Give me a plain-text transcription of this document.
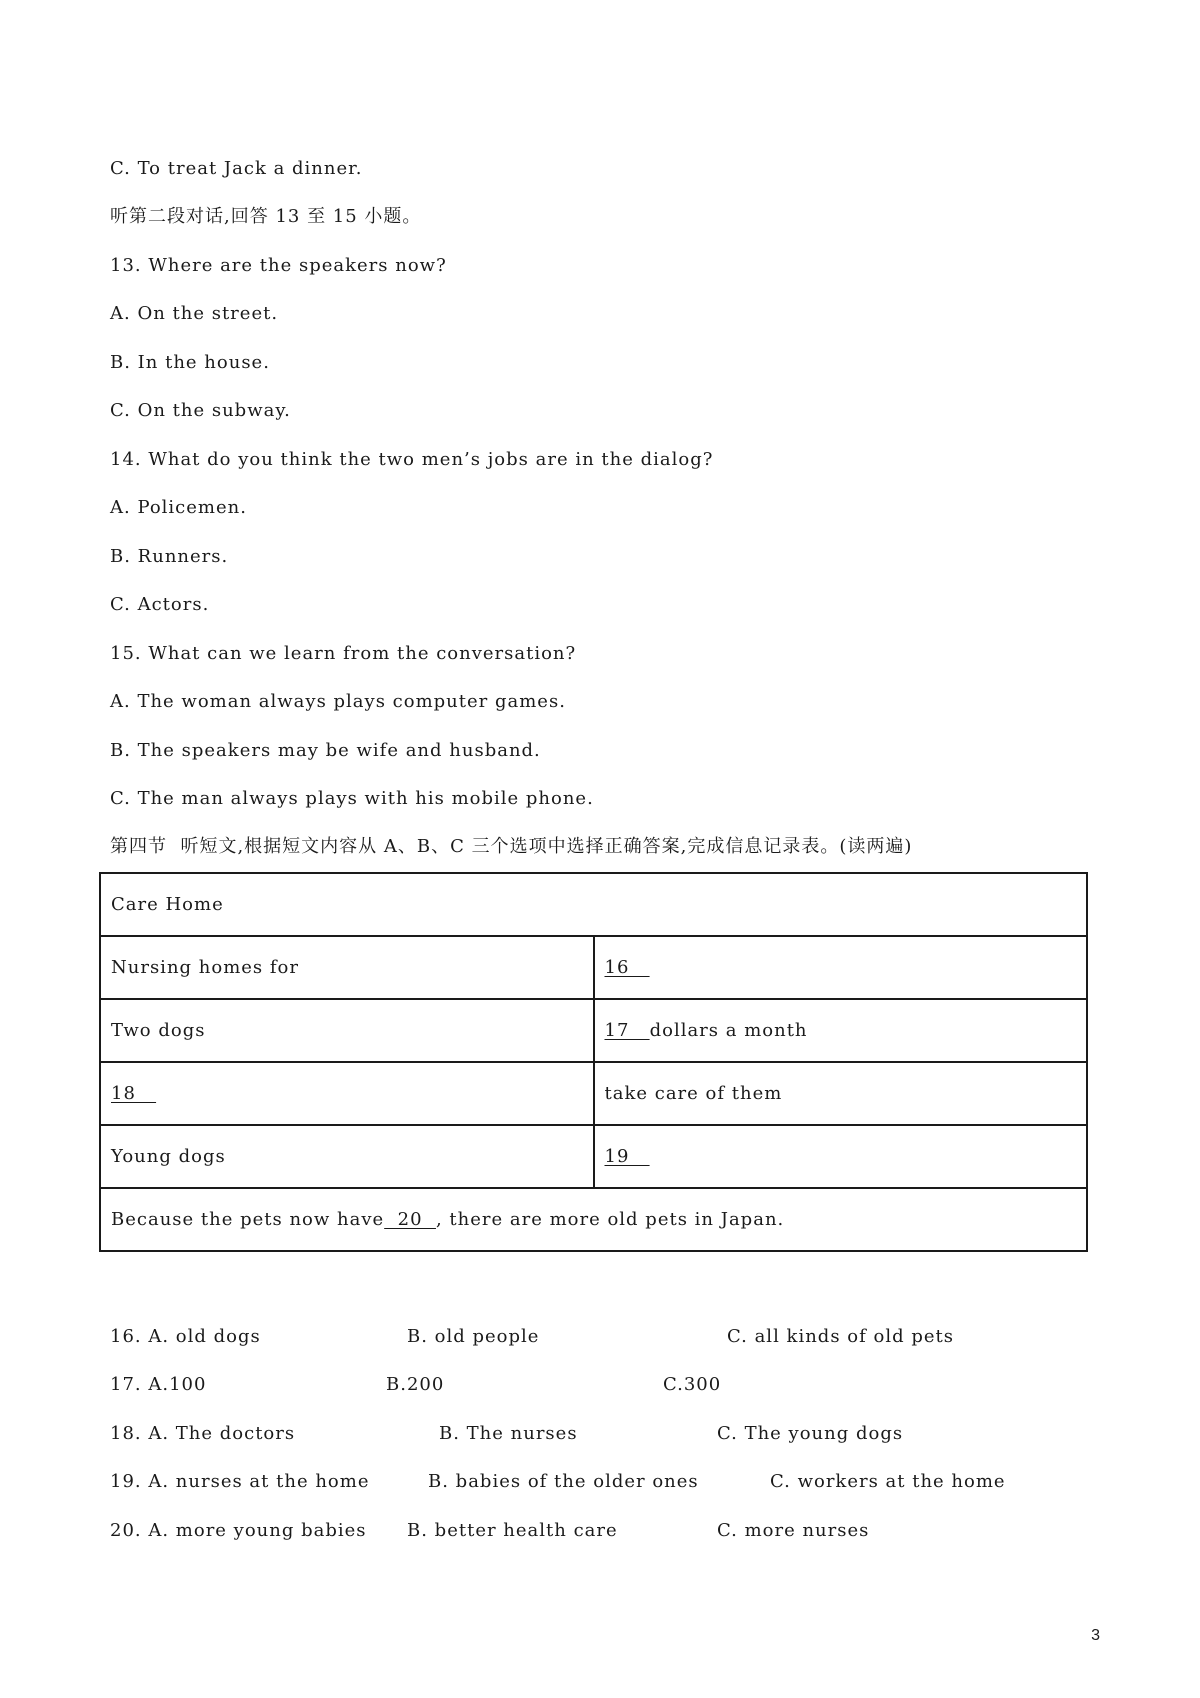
C. To treat Jack a dinner.
听第二段对话,回答 13 至 15 小题。
13. Where are the speakers now?
A. On the street.
B. In the house.
C. On the subway.
14. What do you think the two men’s jobs are in the dialog?
A. Policemen.
B. Runners.
C. Actors.
15. What can we learn from the conversation?
A. The woman always plays computer games.
B. The speakers may be wife and husband.
C. The man always plays with his mobile phone.
第四节  听短文,根据短文内容从 A、B、C 三个选项中选择正确答案,完成信息记录表。(读两遍)
Care Home	
Nursing homes for	16
Two dogs	17   dollars a month
18	take care of them
Young dogs	19
Because the pets now have  20  , there are more old pets in Japan.	

16. A. old dogs

	B. old people

	C. all kinds of old pets

17. A.100

	B.200

	C.300

18. A. The doctors

	B. The nurses

	C. The young dogs

19. A. nurses at the home

	B. babies of the older ones

	C. workers at the home

20. A. more young babies

B. better health care

	C. more nurses

3
